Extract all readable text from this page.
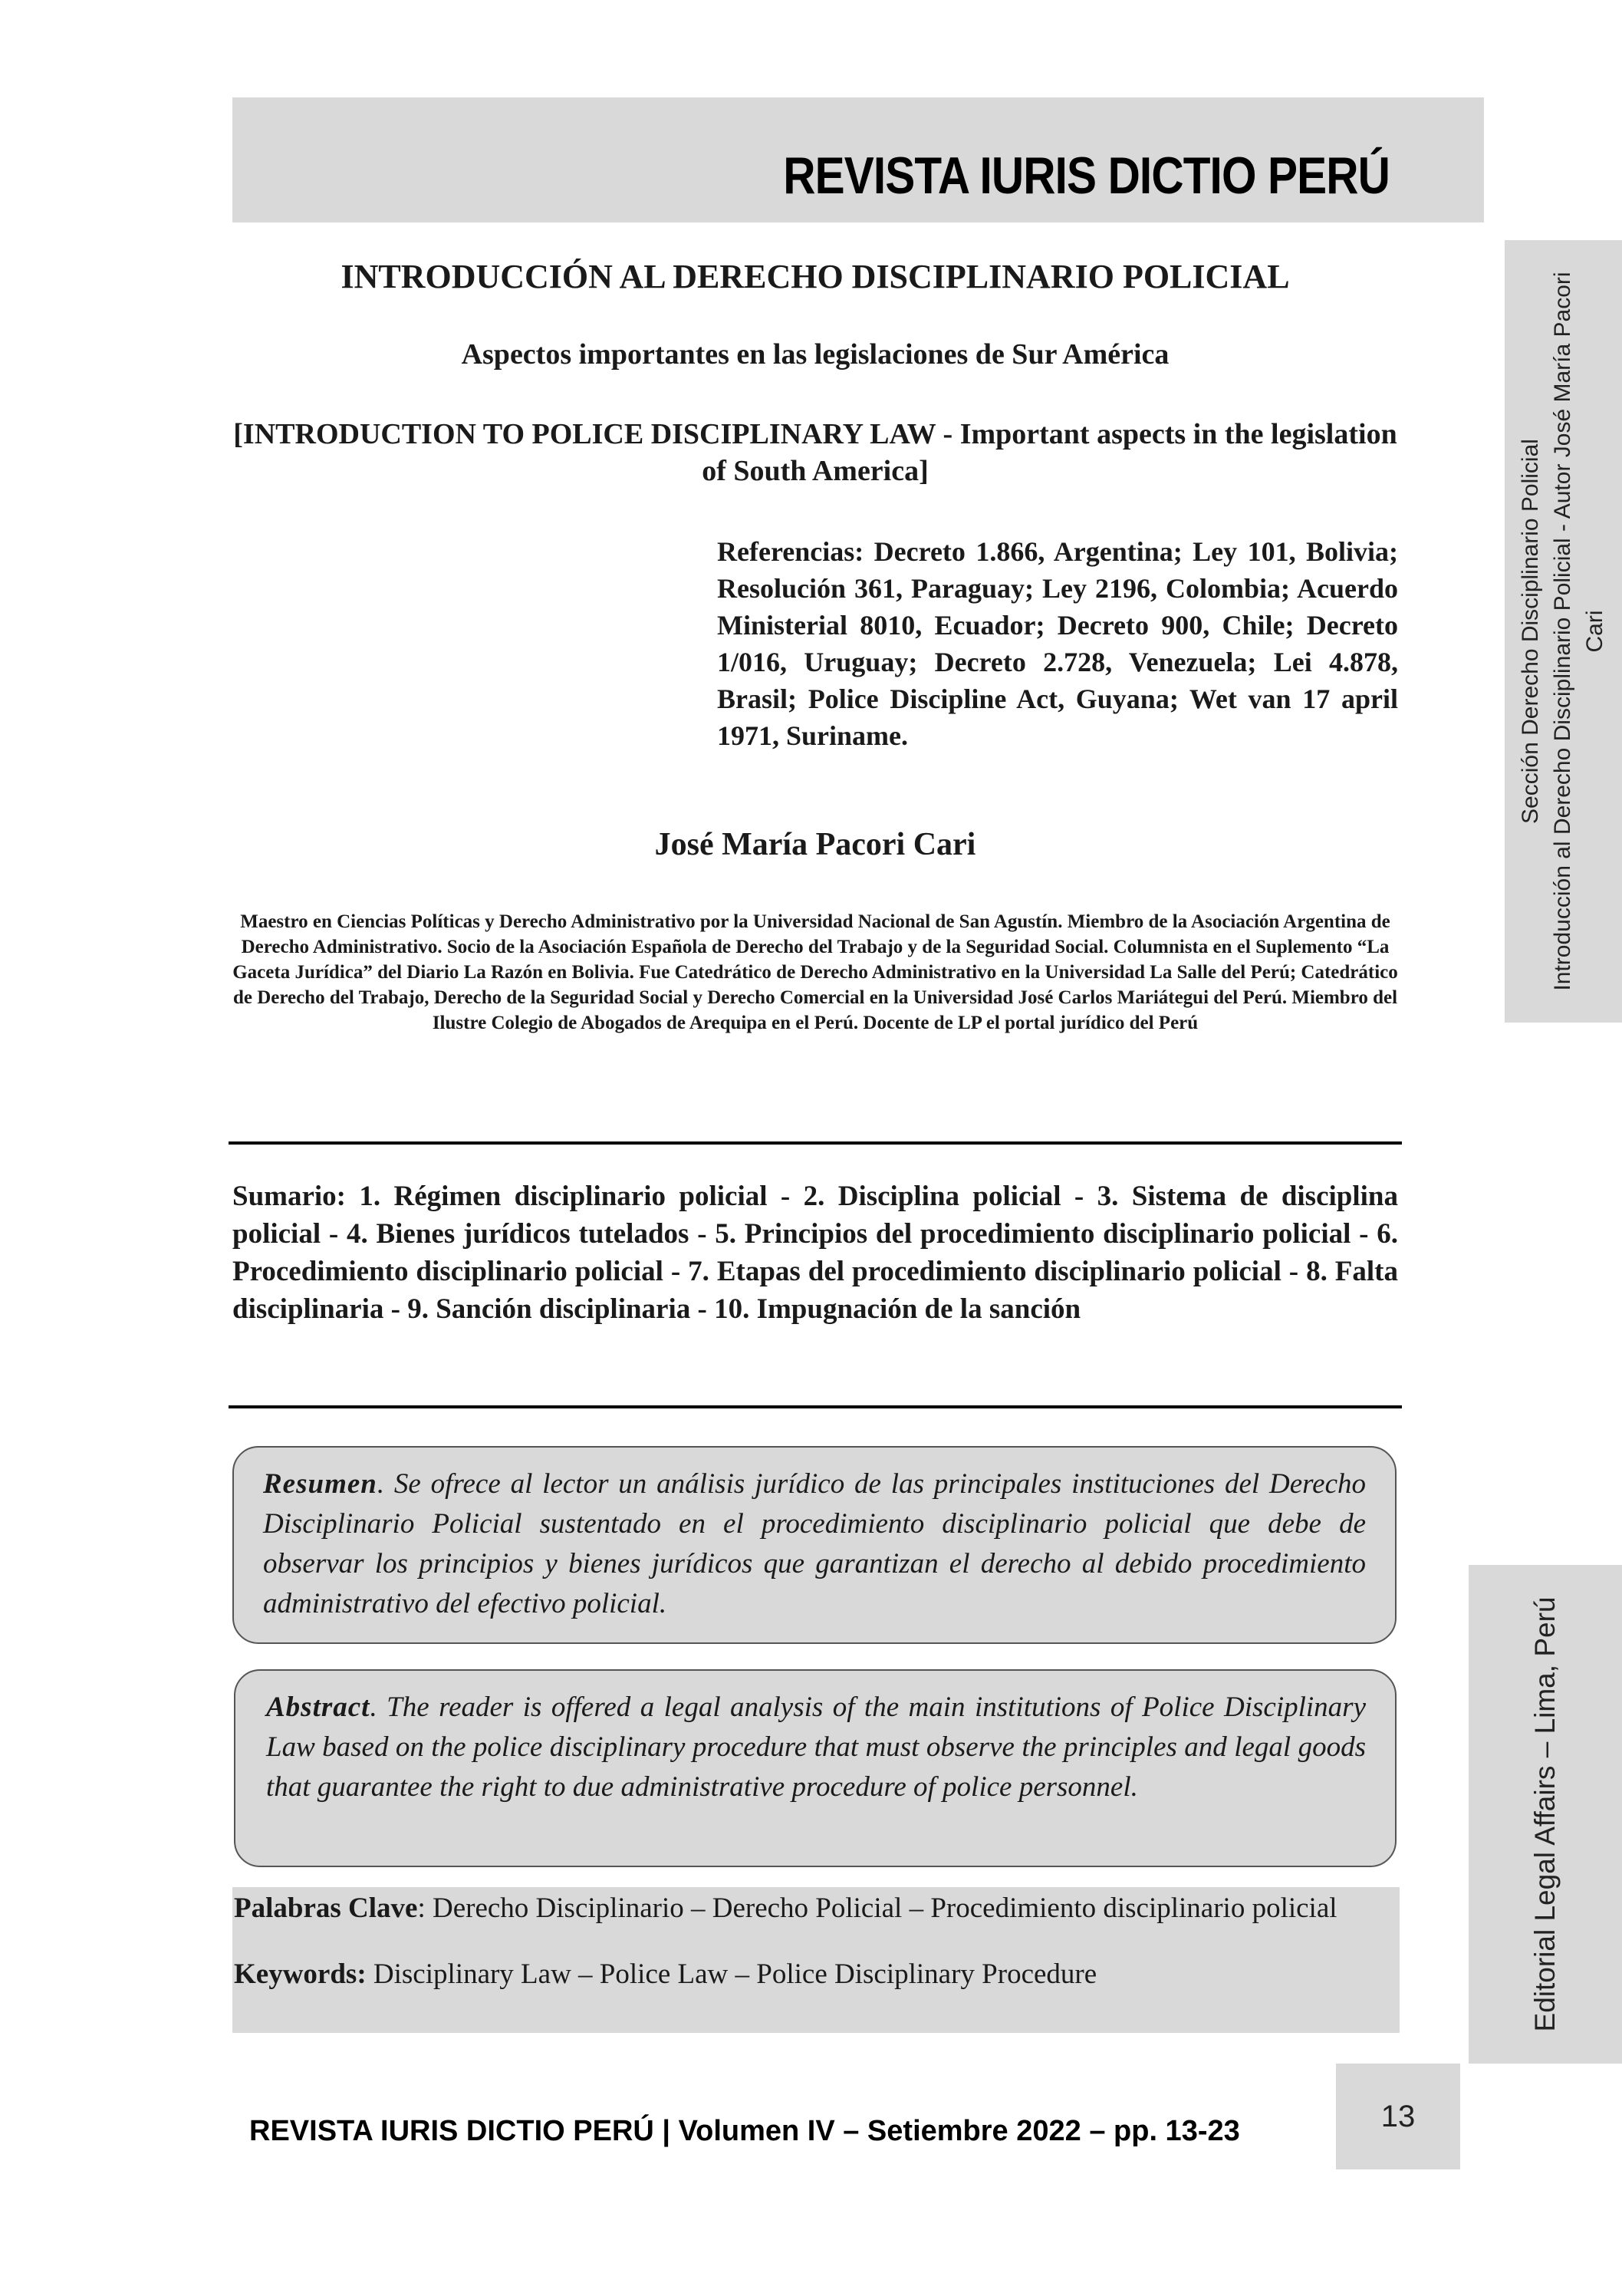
REVISTA IURIS DICTIO PERÚ
Sección Derecho Disciplinario Policial Introducción al Derecho Disciplinario Policial - Autor José María Pacori Cari
Editorial Legal Affairs – Lima, Perú
INTRODUCCIÓN AL DERECHO DISCIPLINARIO POLICIAL
Aspectos importantes en las legislaciones de Sur América
[INTRODUCTION TO POLICE DISCIPLINARY LAW - Important aspects in the legislation of South America]
Referencias: Decreto 1.866, Argentina; Ley 101, Bolivia; Resolución 361, Paraguay; Ley 2196, Colombia; Acuerdo Ministerial 8010, Ecuador; Decreto 900, Chile; Decreto 1/016, Uruguay; Decreto 2.728, Venezuela; Lei 4.878, Brasil; Police Discipline Act, Guyana; Wet van 17 april 1971, Suriname.
José María Pacori Cari
Maestro en Ciencias Políticas y Derecho Administrativo por la Universidad Nacional de San Agustín. Miembro de la Asociación Argentina de Derecho Administrativo. Socio de la Asociación Española de Derecho del Trabajo y de la Seguridad Social. Columnista en el Suplemento “La Gaceta Jurídica” del Diario La Razón en Bolivia. Fue Catedrático de Derecho Administrativo en la Universidad La Salle del Perú; Catedrático de Derecho del Trabajo, Derecho de la Seguridad Social y Derecho Comercial en la Universidad José Carlos Mariátegui del Perú. Miembro del Ilustre Colegio de Abogados de Arequipa en el Perú. Docente de LP el portal jurídico del Perú
Sumario: 1. Régimen disciplinario policial - 2. Disciplina policial - 3. Sistema de disciplina policial - 4. Bienes jurídicos tutelados - 5. Principios del procedimiento disciplinario policial - 6. Procedimiento disciplinario policial - 7. Etapas del procedimiento disciplinario policial - 8. Falta disciplinaria - 9. Sanción disciplinaria - 10. Impugnación de la sanción
Resumen. Se ofrece al lector un análisis jurídico de las principales instituciones del Derecho Disciplinario Policial sustentado en el procedimiento disciplinario policial que debe de observar los principios y bienes jurídicos que garantizan el derecho al debido procedimiento administrativo del efectivo policial.
Abstract. The reader is offered a legal analysis of the main institutions of Police Disciplinary Law based on the police disciplinary procedure that must observe the principles and legal goods that guarantee the right to due administrative procedure of police personnel.
Palabras Clave: Derecho Disciplinario – Derecho Policial – Procedimiento disciplinario policial
Keywords: Disciplinary Law – Police Law – Police Disciplinary Procedure
REVISTA IURIS DICTIO PERÚ | Volumen IV – Setiembre 2022 – pp. 13-23	13
